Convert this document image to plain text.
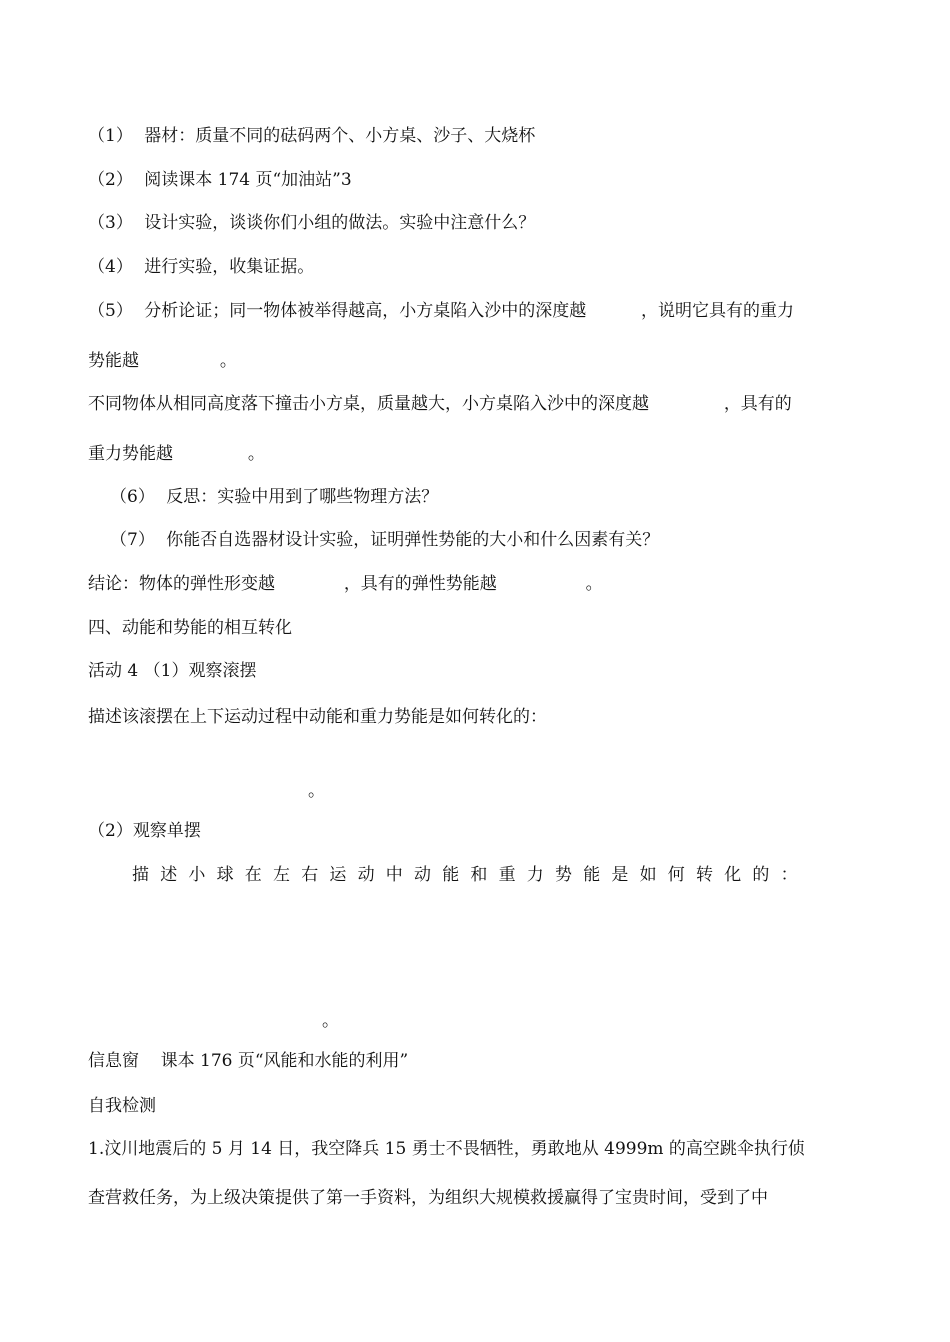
（1） 器材：质量不同的砝码两个、小方桌、沙子、大烧杯
（2） 阅读课本 174 页“加油站”3
（3） 设计实验，谈谈你们小组的做法。实验中注意什么？
（4） 进行实验，收集证据。
（5） 分析论证；同一物体被举得越高，小方桌陷入沙中的深度越	，说明它具有的重力
势能越	。
不同物体从相同高度落下撞击小方桌，质量越大，小方桌陷入沙中的深度越	，具有的
重力势能越	。
（6） 反思：实验中用到了哪些物理方法？
（7） 你能否自选器材设计实验，证明弹性势能的大小和什么因素有关？
结论：物体的弹性形变越	，具有的弹性势能越	。
四、动能和势能的相互转化
活动 4 （1）观察滚摆
描述该滚摆在上下运动过程中动能和重力势能是如何转化的：
。
（2）观察单摆
描述小球在左右运动中动能和重力势能是如何转化的：
。
信息窗    课本 176 页“风能和水能的利用”
自我检测
1.汶川地震后的 5 月 14 日，我空降兵 15 勇士不畏牺牲，勇敢地从 4999m 的高空跳伞执行侦
查营救任务，为上级决策提供了第一手资料，为组织大规模救援赢得了宝贵时间，受到了中
